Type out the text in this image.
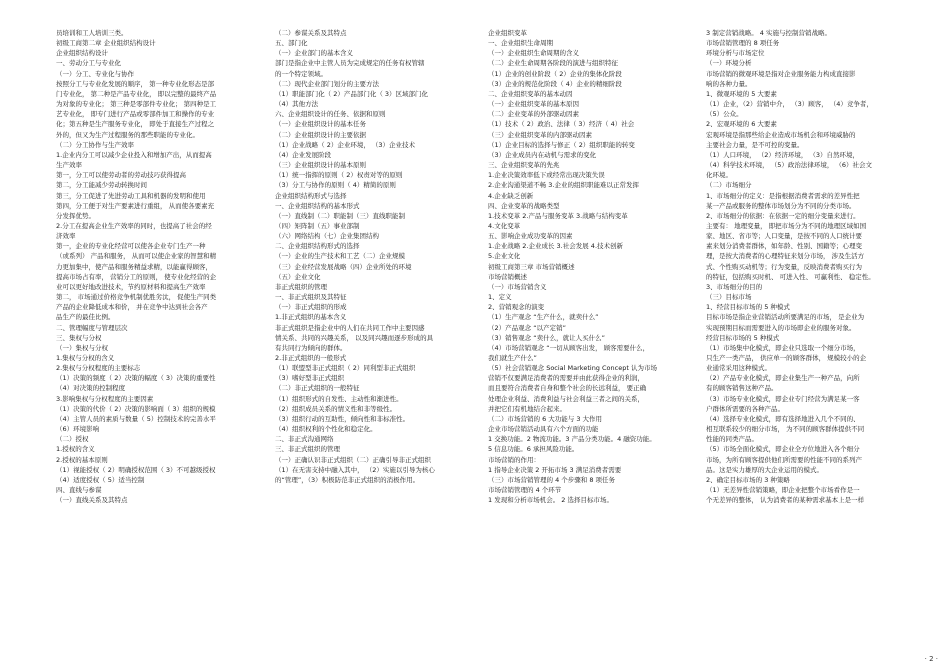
员培训和工人培训三类。
初级工商第二章 企业组织结构设计
企业组织结构设计
一、劳动分工与专业化
（一）分工、专业化与协作
按照分工与专业化发展的顺序， 第一种专业化形态是部
门专业化， 第二种是产品专业化， 即以完整的最终产品
为对象的专业化； 第三种是零部件专业化； 第四种是工
艺专业化， 即专门进行产品或零部件加工和操作的专业
化；第五种是生产服务专业化， 即处于直接生产过程之
外的，但又为生产过程服务的那些职能的专业化。
（二）分工协作与生产效率
1.企业内分工可以减少企业投入和增加产出，从而提高
生产效率
第一，分工可以使劳动者的劳动技巧获得提高
第二，分工能减少劳动转换时间
第三，分工促进了先进劳动工具和机器的发明和使用
第四，分工便于对生产要素进行重组， 从而使各要素充
分发挥优势。
2.分工在提高企业生产效率的同时，也提高了社会的经
济效率
第一，企业的专业化经营可以使各企业专门生产一种
（或系列） 产品和服务， 从而可以使企业家的智慧和精
力更加集中，使产品和服务精益求精，以能赢得顾客，
提高市场占有率， 营销分工的原则， 使专业化经营的企
业可以更好地改进技术，节约原材料和提高生产效率
第二， 市场通过价格竞争机制优胜劣汰， 促使生产同类
产品的企业降低成本和价， 并在竞争中达到社会各产
品生产的最佳比例。
二、管理幅度与管理层次
三、集权与分权
（一）集权与分权
1.集权与分权的含义
2.集权与分权程度的主要标志
（1）决策的频度（ 2）决策的幅度（ 3）决策的重要性
（4）对决策的控制程度
3.影响集权与分权程度的主要因素
（1）决策的代价（ 2）决策的影响面（ 3）组织的规模
（4）主管人员的素质与数量（ 5）控制技术的完善水平
（6）环境影响
（二）授权
1.授权的含义
2.授权的基本原则
（1）视能授权（ 2）明确授权范围（ 3）不可越级授权
（4）适度授权（ 5）适当控制
四、直线与参谋
（一）直线关系及其特点
（二）参谋关系及其特点
五、部门化
（一）企业部门的基本含义
部门是指企业中主管人员为完成规定的任务有权管辖
的一个特定领域。
（二）现代企业部门划分的主要方法
（1）职能部门化（ 2）产品部门化（ 3）区域部门化
（4）其他方法
六、企业组织设计的任务、依据和原则
（一）企业组织设计的基本任务
（二）企业组织设计的主要依据
（1）企业战略（ 2）企业环境， （3）企业技术
（4）企业发展阶段
（三）企业组织设计的基本原则
（1）统一指挥的原则（ 2）权责对等的原则
（3）分工与协作的原则（ 4）精简的原则
企业组织结构形式与选择
一、企业组织结构的基本形式
（一）直线制（二）职能制（三）直线职能制
（四）矩阵制（五）事业部制
（六）网络结构（七）企业集团结构
二、企业组织结构形式的选择
（一）企业的生产技术和工艺（二）企业规模
（三）企业经营发展战略（四）企业所处的环境
（五）企业文化
非正式组织的管理
一、非正式组织及其特征
（一）非正式组织的形成
1.非正式组织的基本含义
非正式组织是指企业中的人们在共同工作中主要因感
情关系、共同的兴趣关系， 以及同兴趣而逐步形成的具
有共同行为倾向的群体。
2.非正式组织的一般形式
（1）联盟型非正式组织（ 2）同利型非正式组织
（3）嗜好型非正式组织
（二）非正式组织的一般特征
（1）组织形式的自发性、主动性和渐进性。
（2）组织成员关系的情义性和非等级性。
（3）组织行动的互助性，倾向性和非标准性。
（4）组织权利的个性化和稳定化。
二、非正式沟通网络
三、非正式组织的管理
（一）正确认识非正式组织（二）正确引导非正式组织
（1）在无害支持中融入其中， （2）实施以引导为核心
的“管理”，（3）积极防范非正式组织的消极作用。
企业组织变革
一、企业组织生命周期
（一）企业组织生命周期的含义
（二）企业生命周期各阶段的演进与组织特征
（1）企业的创业阶段（ 2）企业的集体化阶段
（3）企业的规范化阶段（ 4）企业的精细阶段
二、企业组织变革的基本动因
（一）企业组织变革的基本原因
（二）企业变革的外部驱动因素
（1）技术（ 2）政治、法律（ 3）经济（ 4）社会
（三）企业组织变革的内部驱动因素
（1）企业目标的选择与修正（ 2）组织职能的转变
（3）企业成员内在动机与需求的变化
三、企业组织变革的先兆
1.企业决策效率低下或经常出现决策失误
2.企业沟通渠道不畅 3.企业的组织职能难以正常发挥
4.企业缺乏创新
四、企业变革的战略类型
1.技术变革 2.产品与服务变革 3.战略与结构变革
4.文化变革
五、影响企业成功变革的因素
1.企业战略 2.企业成长 3.社会发展 4.技术创新
5.企业文化
初级工商第三章 市场营销概述
市场营销概述
（一）市场营销含义
1、定义
2、营销观念的演变
（1）生产观念 “生产什么，就卖什么”
（2）产品观念 “以产定销”
（3）销售观念 “卖什么，就让人买什么”
（4）市场营销观念 “一切从顾客出发， 顾客需要什么，
我们就生产什么”
（5）社会营销观念 Social Marketing Concept 认为市场
营销不仅要满足消费者的需要并由此获得企业的利润，
而且要符合消费者自身和整个社会的长远利益， 要正确
处理企业利益、消费利益与社会利益三者之间的关系，
并把它们有机地结合起来。
（二）市场营销的 6 大功能与 3 大作用
企业市场营销活动具有六个方面的功能
1 交换功能。2 物流功能。3 产品分类功能。4 融资功能。
5 信息功能。6 承担风险功能。
市场营销的作用：
1 指导企业决策 2 开拓市场 3 满足消费者需要
（三）市场营销管理的 4 个步骤和 8 项任务
市场营销管理的 4 个环节
1 发现和分析市场机会。 2 选择目标市场。
3 制定营销战略。 4 实施与控制营销战略。
市场营销管理的 8 项任务
环境分析与市场定位
（一）环境分析
市场营销的微观环境是指对企业服务能力构成直接影
响的各种力量。
1、微观环境的 5 大要素
（1）企业，（2）营销中介， （3）顾客， （4）竞争者，
（5）公众。
2、宏观环境的 6 大要素
宏观环境是指那些给企业造成市场机会和环境威胁的
主要社会力量，是不可控的变量。
（1）人口环境， （2）经济环境， （3）自然环境，
（4）科学技术环境， （5）政治法律环境， （6）社会文
化环境。
（二）市场细分
1、市场细分的定义：是指根据消费者需求的差异性把
某一产品或服务的整体市场划分为不同的分类市场。
2、市场细分的依据：在依据一定的细分变量来进行。
主要有： 地理变量， 即把市场分为不同的地理区域如国
家、地区、省市等；人口变量，是按不同的人口统计要
素来划分消费者群体，如年龄、性别、国籍等；心理变
理，是按大消费者的心理特征来划分市场， 涉及生活方
式、个性购买动机等；行为变量，反映消费者购买行为
的特征，包括购买时机、 可进入性、 可赢利性、 稳定性。
3、市场细分的目的
（三）目标市场
1、经营目标市场的 5 种模式
目标市场是指企业营销活动所要满足的市场， 是企业为
实现预期目标而需要进入的市场即企业的服务对象。
经营目标市场的 5 种模式
（1）市场集中化模式，即企业只选取一个细分市场，
只生产一类产品， 供应单一的顾客群体， 规模较小的企
业通常采用这种模式。
（2）产品专业化模式，即企业集生产一种产品，向所
有的顾客销售这种产品。
（3）市场专业化模式，即企业专门经营为满足某一客
户群体所需要的各种产品。
（4）选择专业化模式，即有选择地进入几个不同的、
相互联系较少的细分市场， 为不同的顾客群体提供不同
性能的同类产品。
（5）市场全面化模式，即企业全方位地进入各个细分
市场，为所有顾客提供他们所需要的性能不同的系列产
品。这是实力雄厚的大企业运用的模式。
2、确定目标市场的 3 种策略
（1）无差异性营销策略，即企业把整个市场看作是一
个无差异的整体， 认为消费者的某种需求基本上是一样
· 2 ·
